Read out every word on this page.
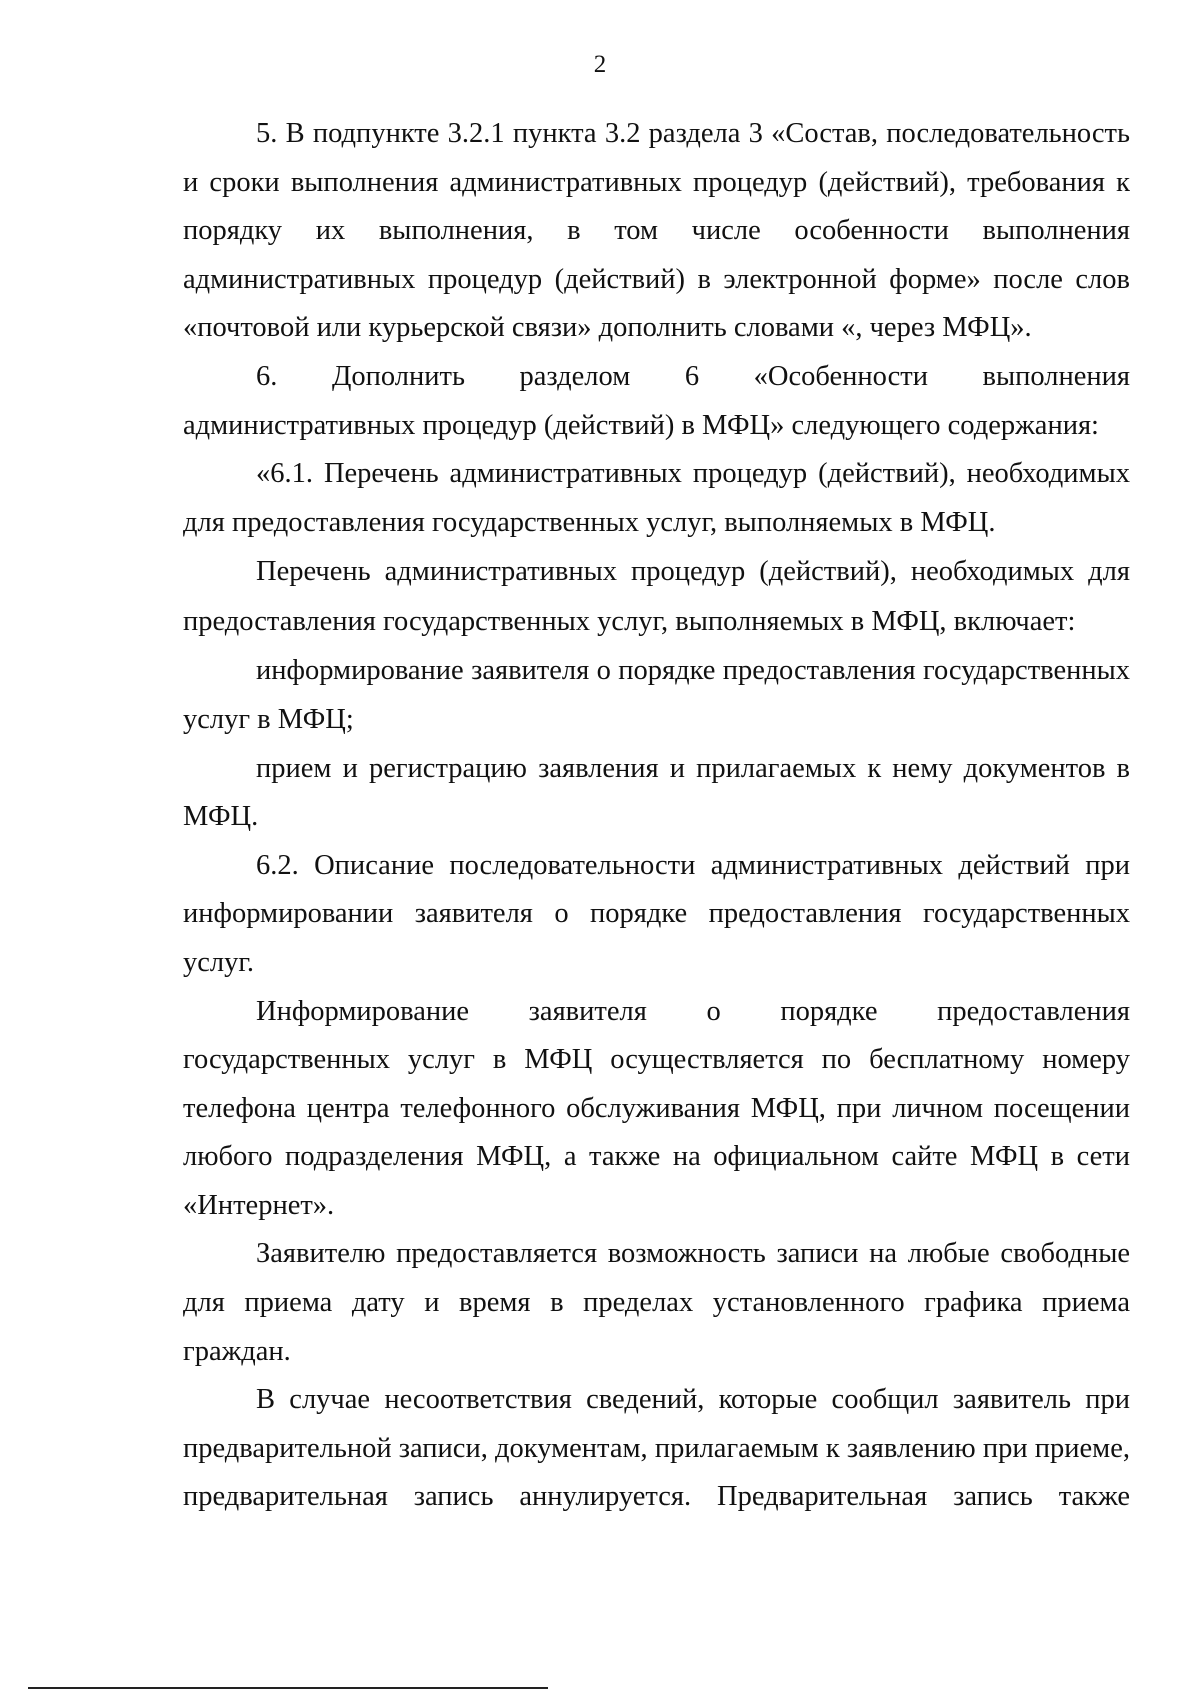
2

5. В подпункте 3.2.1 пункта 3.2 раздела 3 «Состав, последовательность и сроки выполнения административных процедур (действий), требования к порядку их выполнения, в том числе особенности выполнения административных процедур (действий) в электронной форме» после слов «почтовой или курьерской связи» дополнить словами «, через МФЦ».

6. Дополнить разделом 6 «Особенности выполнения административных процедур (действий) в МФЦ» следующего содержания:

«6.1. Перечень административных процедур (действий), необходимых для предоставления государственных услуг, выполняемых в МФЦ.

Перечень административных процедур (действий), необходимых для предоставления государственных услуг, выполняемых в МФЦ, включает:

информирование заявителя о порядке предоставления государственных услуг в МФЦ;

прием и регистрацию заявления и прилагаемых к нему документов в МФЦ.

6.2. Описание последовательности административных действий при информировании заявителя о порядке предоставления государственных услуг.

Информирование заявителя о порядке предоставления государственных услуг в МФЦ осуществляется по бесплатному номеру телефона центра телефонного обслуживания МФЦ, при личном посещении любого подразделения МФЦ, а также на официальном сайте МФЦ в сети «Интернет».

Заявителю предоставляется возможность записи на любые свободные для приема дату и время в пределах установленного графика приема граждан.

В случае несоответствия сведений, которые сообщил заявитель при предварительной записи, документам, прилагаемым к заявлению при приеме, предварительная запись аннулируется. Предварительная запись также
